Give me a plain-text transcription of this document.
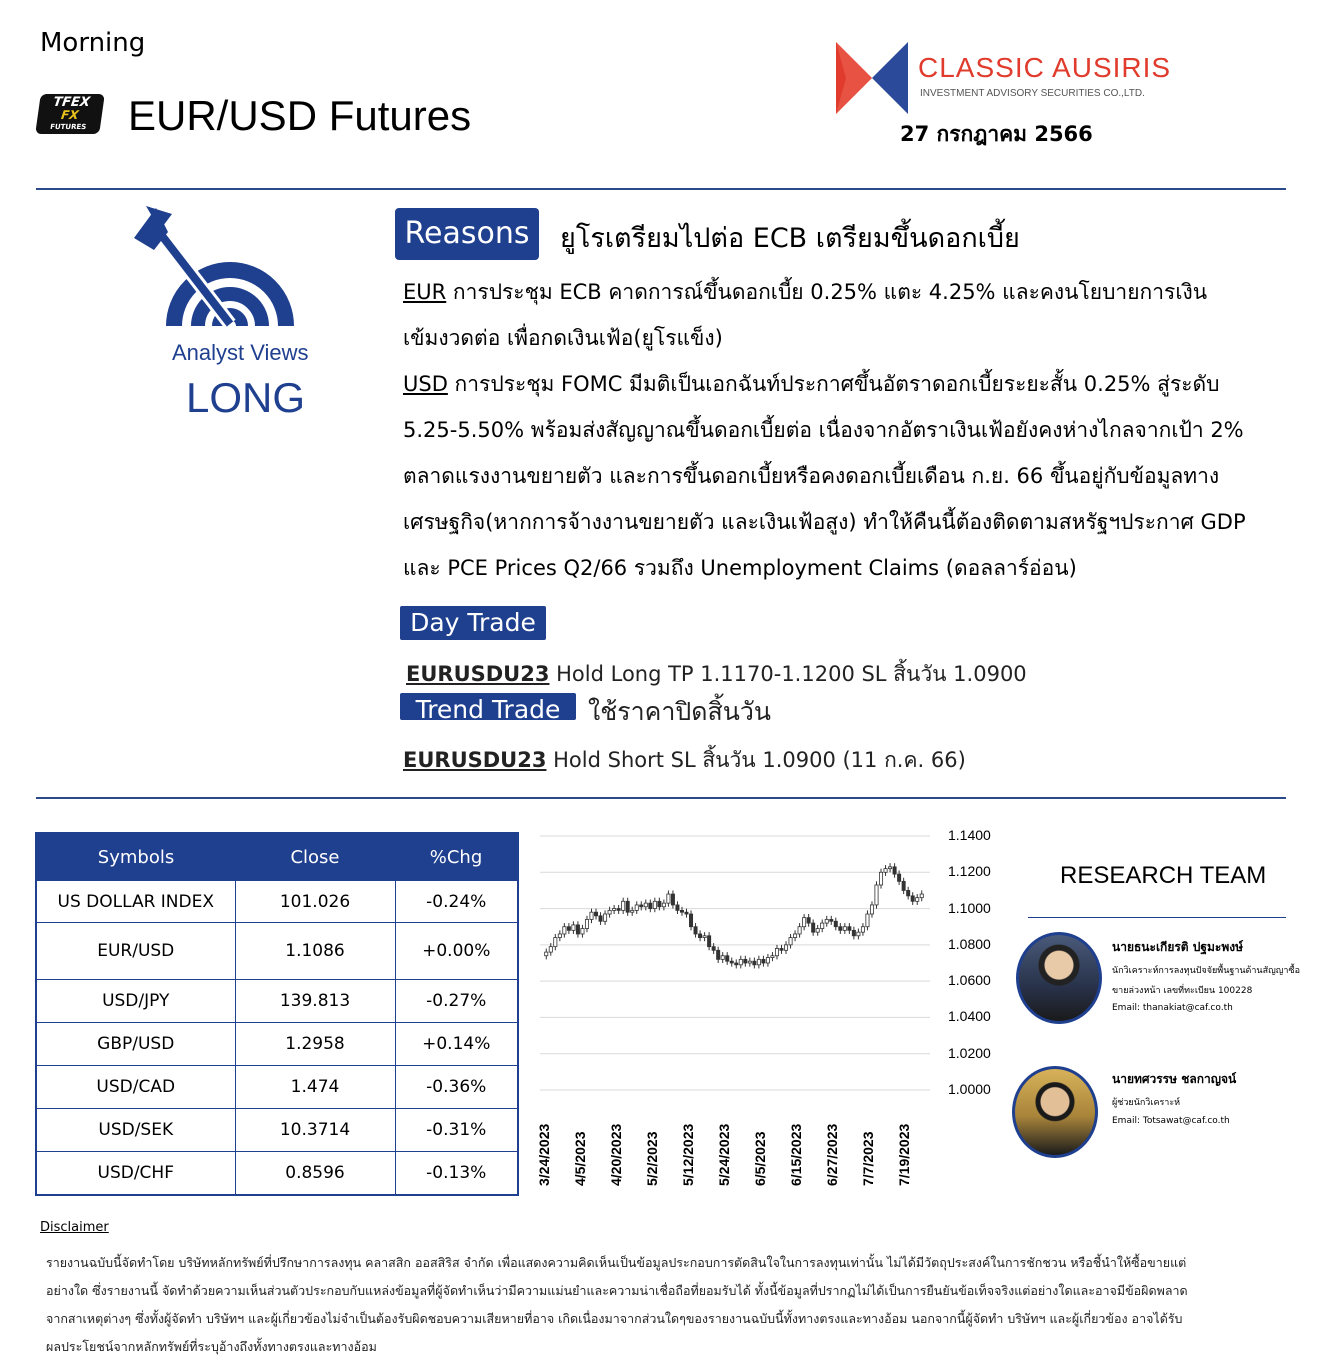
Morning
TFEX
FX
FUTURES EUR/USD Futures
CLASSIC AUSIRIS
INVESTMENT ADVISORY SECURITIES CO.,LTD.
27 กรกฎาคม 2566
Analyst Views
LONG
Reasons	ยูโรเตรียมไปต่อ ECB เตรียมขึ้นดอกเบี้ย
EUR การประชุม ECB คาดการณ์ขึ้นดอกเบี้ย 0.25% แตะ 4.25% และคงนโยบายการเงิน
เข้มงวดต่อ เพื่อกดเงินเฟ้อ(ยูโรแข็ง)
USD การประชุม FOMC มีมติเป็นเอกฉันท์ประกาศขึ้นอัตราดอกเบี้ยระยะสั้น 0.25% สู่ระดับ
5.25-5.50% พร้อมส่งสัญญาณขึ้นดอกเบี้ยต่อ เนื่องจากอัตราเงินเฟ้อยังคงห่างไกลจากเป้า 2%
ตลาดแรงงานขยายตัว และการขึ้นดอกเบี้ยหรือคงดอกเบี้ยเดือน ก.ย. 66 ขึ้นอยู่กับข้อมูลทาง
เศรษฐกิจ(หากการจ้างงานขยายตัว และเงินเฟ้อสูง) ทำให้คืนนี้ต้องติดตามสหรัฐฯประกาศ GDP
และ PCE Prices Q2/66 รวมถึง Unemployment Claims (ดอลลาร์อ่อน)
Day Trade
EURUSDU23 Hold Long TP 1.1170-1.1200 SL สิ้นวัน 1.0900
Trend Trade	ใช้ราคาปิดสิ้นวัน
EURUSDU23 Hold Short SL สิ้นวัน 1.0900 (11 ก.ค. 66)
Symbols	Close	%Chg
US DOLLAR INDEX	101.026	-0.24%
EUR/USD	1.1086	+0.00%
USD/JPY	139.813	-0.27%
GBP/USD	1.2958	+0.14%
USD/CAD	1.474	-0.36%
USD/SEK	10.3714	-0.31%
USD/CHF	0.8596	-0.13%
1.1400
1.1200
1.1000
1.0800
1.0600
1.0400
1.0200
1.0000
3/24/2023 4/5/2023 4/20/2023 5/2/2023 5/12/2023 5/24/2023 6/5/2023 6/15/2023 6/27/2023 7/7/2023 7/19/2023
RESEARCH TEAM
นายธนะเกียรติ ปฐมะพงษ์
นักวิเคราะห์การลงทุนปัจจัยพื้นฐานด้านสัญญาซื้อ
ขายล่วงหน้า เลขที่ทะเบียน 100228
Email: thanakiat@caf.co.th
นายทศวรรษ ชลกาญจน์
ผู้ช่วยนักวิเคราะห์
Email: Totsawat@caf.co.th
Disclaimer
รายงานฉบับนี้จัดทำโดย บริษัทหลักทรัพย์ที่ปรึกษาการลงทุน คลาสสิก ออสสิริส จำกัด เพื่อแสดงความคิดเห็นเป็นข้อมูลประกอบการตัดสินใจในการลงทุนเท่านั้น ไม่ได้มีวัตถุประสงค์ในการชักชวน หรือชี้นำให้ซื้อขายแต่
อย่างใด ซึ่งรายงานนี้ จัดทำด้วยความเห็นส่วนตัวประกอบกับแหล่งข้อมูลที่ผู้จัดทำเห็นว่ามีความแม่นยำและความน่าเชื่อถือที่ยอมรับได้ ทั้งนี้ข้อมูลที่ปรากฏไม่ได้เป็นการยืนยันข้อเท็จจริงแต่อย่างใดและอาจมีข้อผิดพลาด
จากสาเหตุต่างๆ ซึ่งทั้งผู้จัดทำ บริษัทฯ และผู้เกี่ยวข้องไม่จำเป็นต้องรับผิดชอบความเสียหายที่อาจ เกิดเนื่องมาจากส่วนใดๆของรายงานฉบับนี้ทั้งทางตรงและทางอ้อม นอกจากนี้ผู้จัดทำ บริษัทฯ และผู้เกี่ยวข้อง อาจได้รับ
ผลประโยชน์จากหลักทรัพย์ที่ระบุอ้างถึงทั้งทางตรงและทางอ้อม
